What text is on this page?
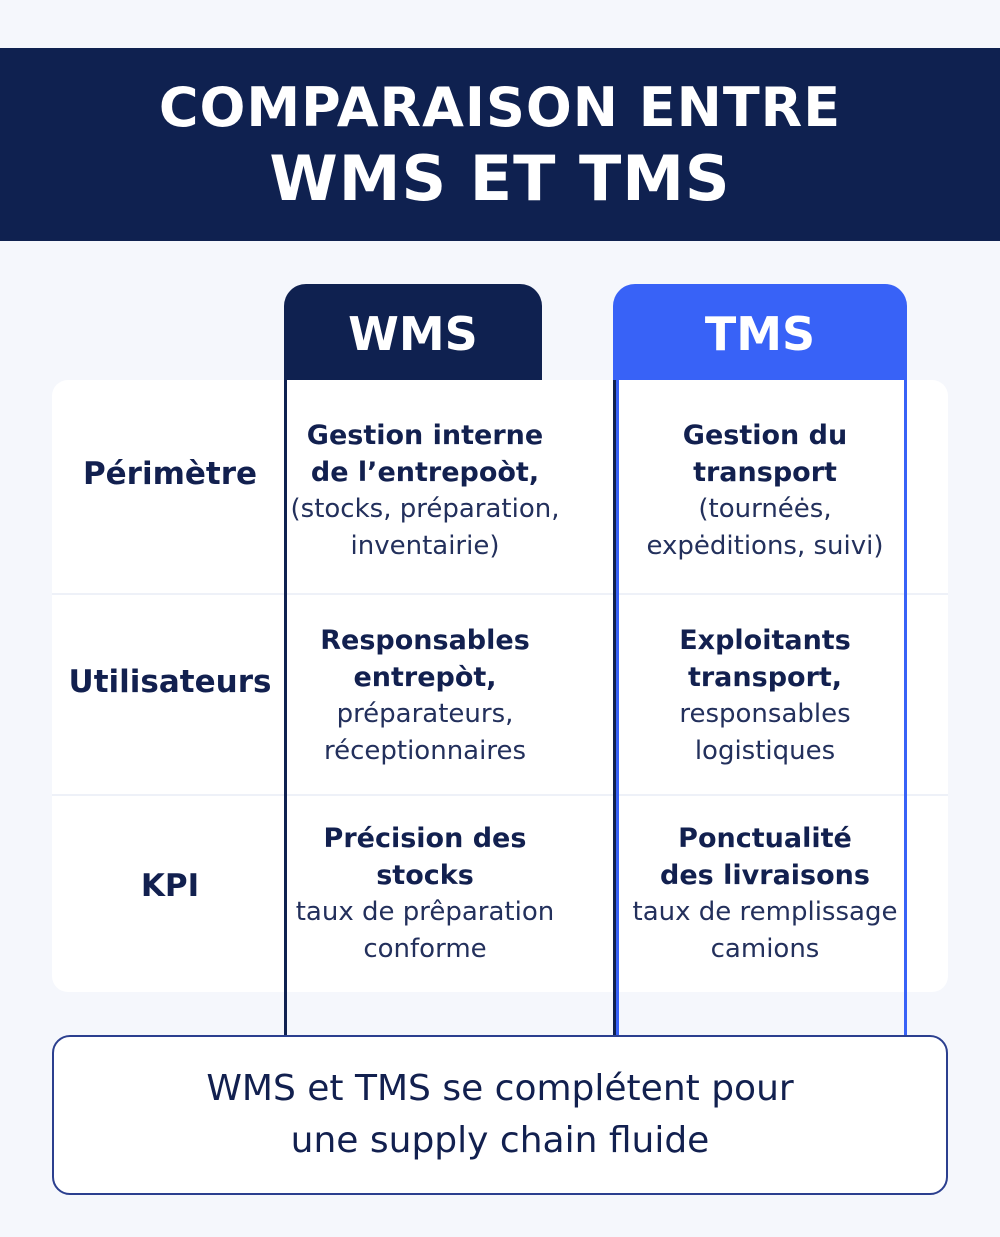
COMPARAISON ENTRE
WMS ET TMS
WMS	TMS
Périmètre
Gestion interne
de l’entrepoòt,
(stocks, préparation,
inventairie)
Gestion du
transport
(tournéės,
expėditions, suivi)
Utilisateurs
Responsables
entrepòt,
préparateurs,
réceptionnaires
Exploitants
transport,
responsables
logistiques
KPI
Précision des
stocks
taux de prêparation
conforme
Ponctualité
des livraisons
taux de remplissage
camions
WMS et TMS se complétent pour
une supply chain fluide
